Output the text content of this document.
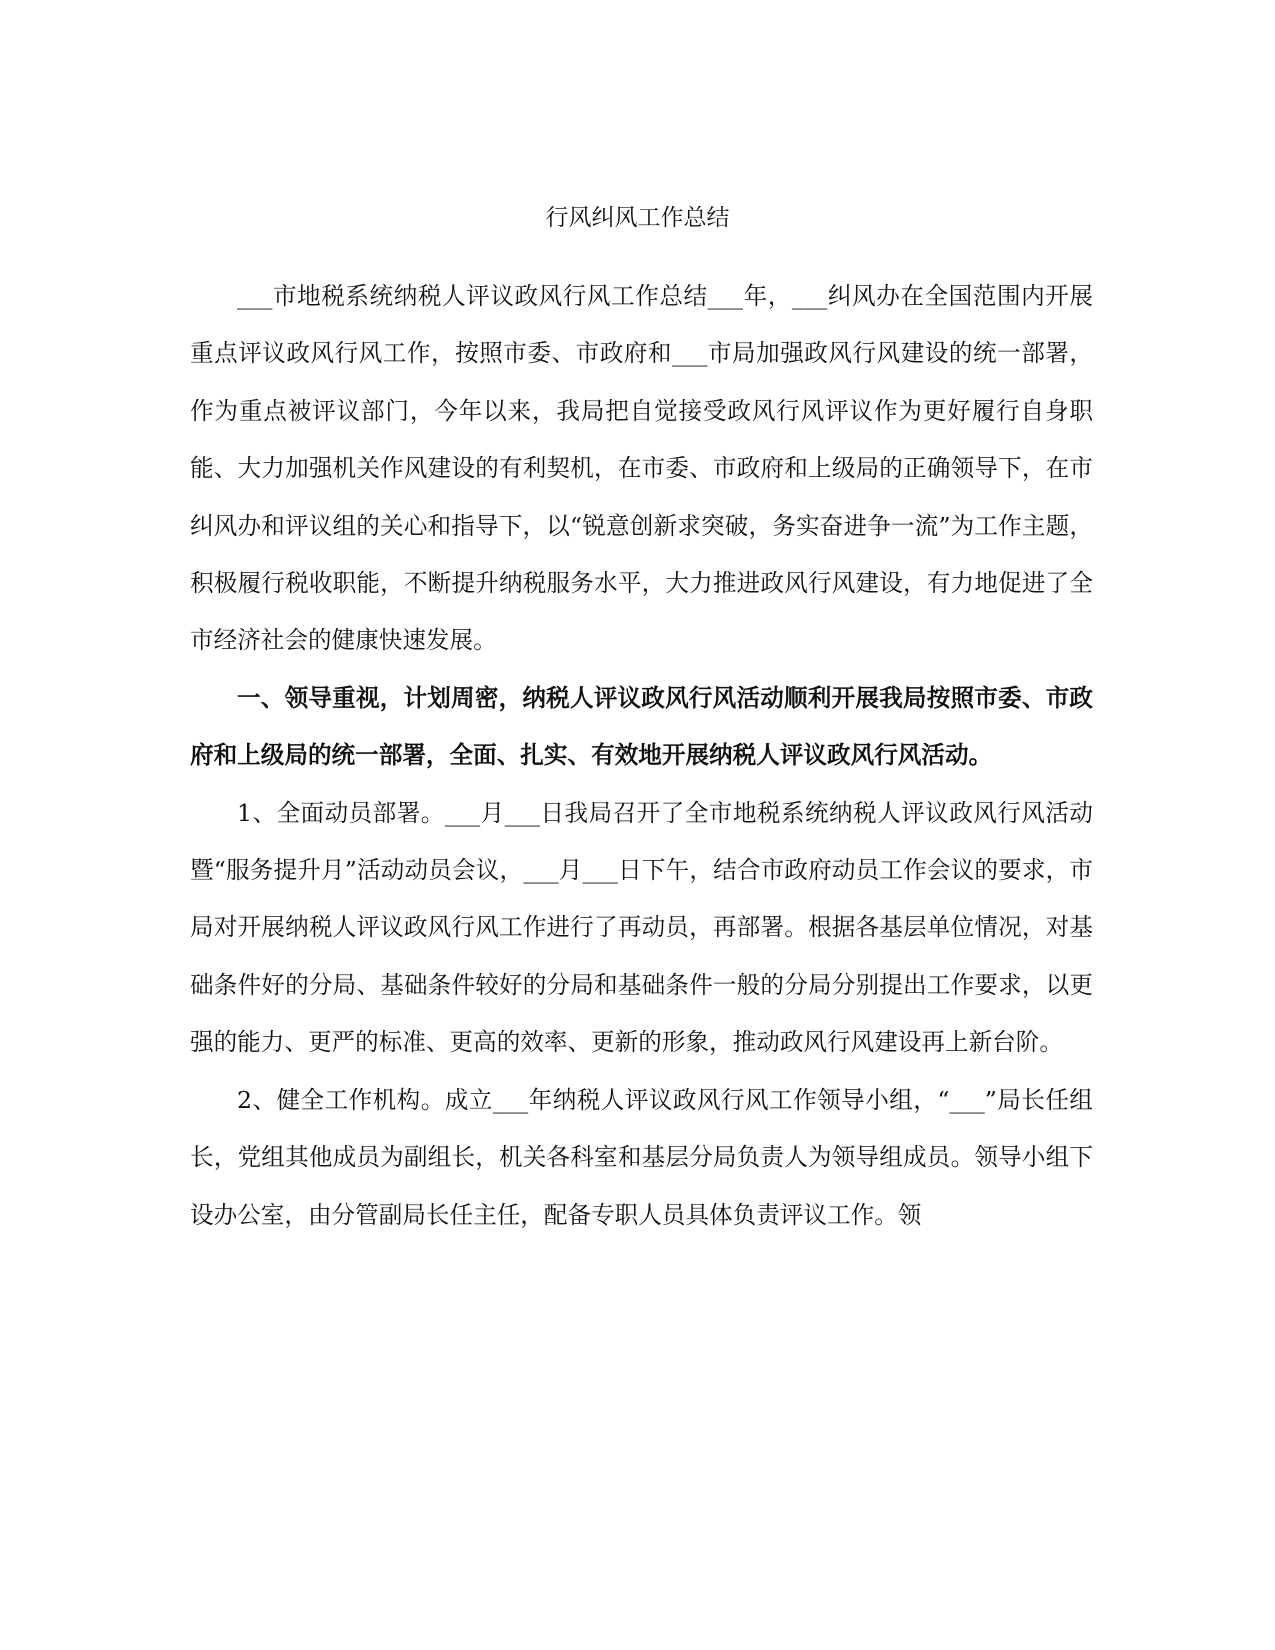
行风纠风工作总结

___市地税系统纳税人评议政风行风工作总结___年，___纠风办在全国范围内开展重点评议政风行风工作，按照市委、市政府和___市局加强政风行风建设的统一部署，作为重点被评议部门，今年以来，我局把自觉接受政风行风评议作为更好履行自身职能、大力加强机关作风建设的有利契机，在市委、市政府和上级局的正确领导下，在市纠风办和评议组的关心和指导下，以“锐意创新求突破，务实奋进争一流”为工作主题，积极履行税收职能，不断提升纳税服务水平，大力推进政风行风建设，有力地促进了全市经济社会的健康快速发展。

一、领导重视，计划周密，纳税人评议政风行风活动顺利开展我局按照市委、市政府和上级局的统一部署，全面、扎实、有效地开展纳税人评议政风行风活动。

1、全面动员部署。___月___日我局召开了全市地税系统纳税人评议政风行风活动暨“服务提升月”活动动员会议，___月___日下午，结合市政府动员工作会议的要求，市局对开展纳税人评议政风行风工作进行了再动员，再部署。根据各基层单位情况，对基础条件好的分局、基础条件较好的分局和基础条件一般的分局分别提出工作要求，以更强的能力、更严的标准、更高的效率、更新的形象，推动政风行风建设再上新台阶。

2、健全工作机构。成立___年纳税人评议政风行风工作领导小组，“___”局长任组长，党组其他成员为副组长，机关各科室和基层分局负责人为领导组成员。领导小组下设办公室，由分管副局长任主任，配备专职人员具体负责评议工作。领
